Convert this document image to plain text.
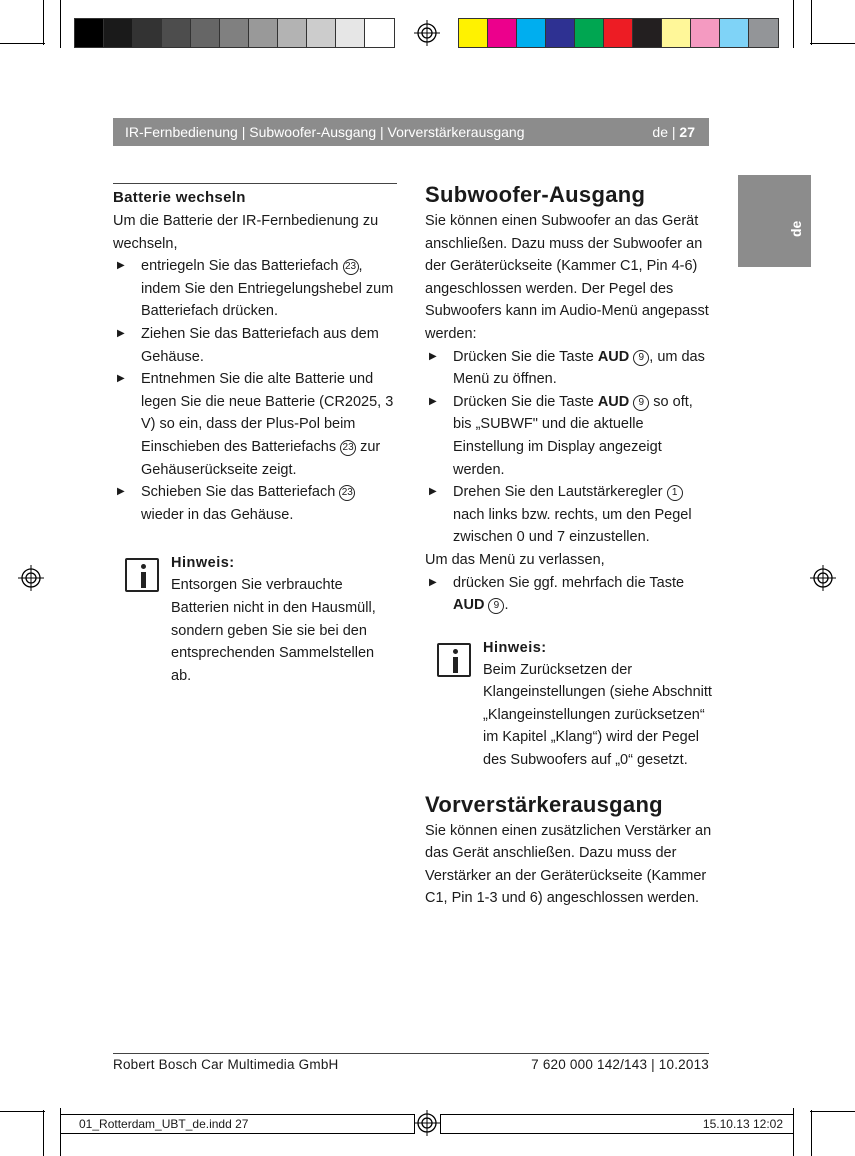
IR-Fernbedienung | Subwoofer-Ausgang | Vorverstärkerausgang	de | 27
de
Batterie wechseln

Um die Batterie der IR-Fernbedienung zu wechseln,

▶ entriegeln Sie das Batteriefach 23 , indem Sie den Entriegelungshebel zum Batteriefach drücken.
▶ Ziehen Sie das Batteriefach aus dem Gehäuse.
▶ Entnehmen Sie die alte Batterie und legen Sie die neue Batterie (CR2025, 3 V) so ein, dass der Plus-Pol beim Einschieben des Batteriefachs 23 zur Gehäuserückseite zeigt.
▶ Schieben Sie das Batteriefach 23 wieder in das Gehäuse.
Hinweis:

Entsorgen Sie verbrauchte Batterien nicht in den Hausmüll, sondern geben Sie sie bei den entsprechenden Sammelstellen ab.

Subwoofer-Ausgang

Sie können einen Subwoofer an das Gerät anschließen. Dazu muss der Subwoofer an der Geräterückseite (Kammer C1, Pin 4-6) angeschlossen werden. Der Pegel des Subwoofers kann im Audio-Menü angepasst werden:

▶ Drücken Sie die Taste AUD 9 , um das Menü zu öffnen.
▶ Drücken Sie die Taste AUD 9 so oft, bis „SUBWF" und die aktuelle Einstellung im Display angezeigt werden.
▶ Drehen Sie den Lautstärkeregler 1 nach links bzw. rechts, um den Pegel zwischen 0 und 7 einzustellen.

Um das Menü zu verlassen,

▶ drücken Sie ggf. mehrfach die Taste AUD 9 .
Hinweis:

Beim Zurücksetzen der Klangeinstellungen (siehe Abschnitt „Klangeinstellungen zurücksetzen“ im Kapitel „Klang“) wird der Pegel des Subwoofers auf „0“ gesetzt.

Vorverstärkerausgang

Sie können einen zusätzlichen Verstärker an das Gerät anschließen. Dazu muss der Verstärker an der Geräterückseite (Kammer C1, Pin 1-3 und 6) angeschlossen werden.

Robert Bosch Car Multimedia GmbH	7 620 000 142/143 | 10.2013
01_Rotterdam_UBT_de.indd 27	15.10.13 12:02
